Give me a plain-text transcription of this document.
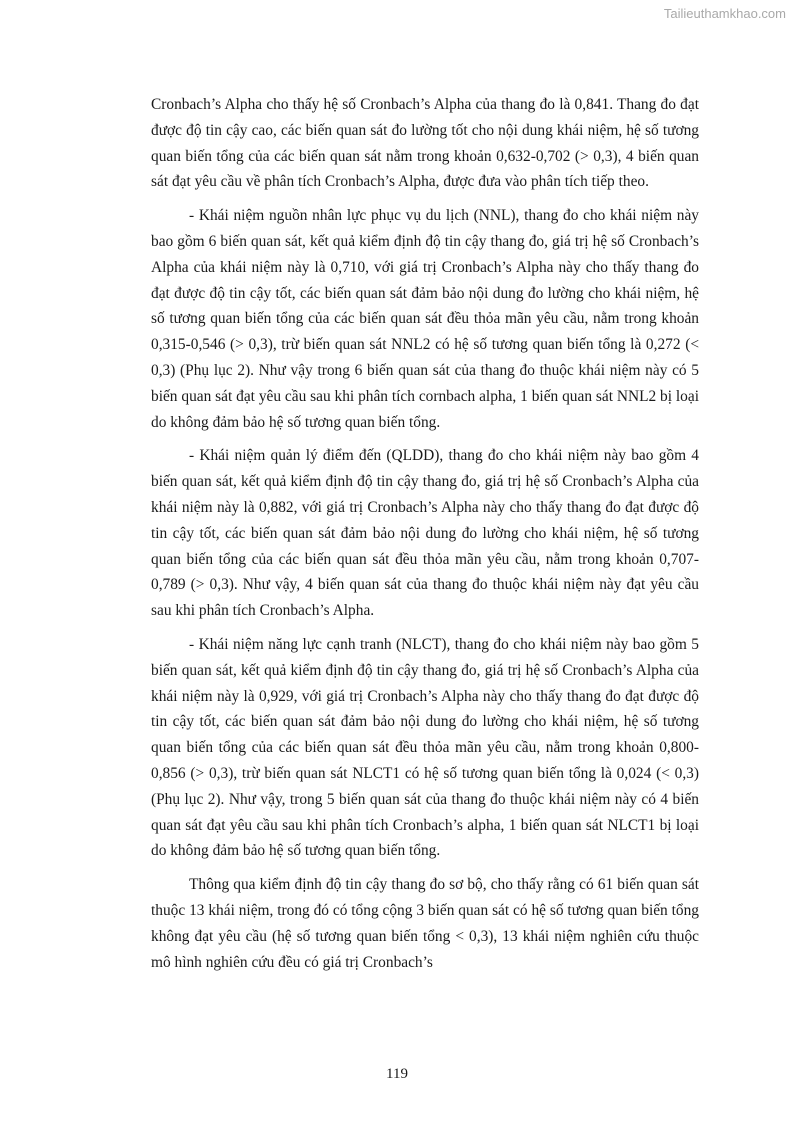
Tailieuthamkhao.com

Cronbach’s Alpha cho thấy hệ số Cronbach’s Alpha của thang đo là 0,841. Thang đo đạt được độ tin cậy cao, các biến quan sát đo lường tốt cho nội dung khái niệm, hệ số tương quan biến tổng của các biến quan sát nằm trong khoản 0,632-0,702 (> 0,3), 4 biến quan sát đạt yêu cầu về phân tích Cronbach’s Alpha, được đưa vào phân tích tiếp theo.

- Khái niệm nguồn nhân lực phục vụ du lịch (NNL), thang đo cho khái niệm này bao gồm 6 biến quan sát, kết quả kiểm định độ tin cậy thang đo, giá trị hệ số Cronbach’s Alpha của khái niệm này là 0,710, với giá trị Cronbach’s Alpha này cho thấy thang đo đạt được độ tin cậy tốt, các biến quan sát đảm bảo nội dung đo lường cho khái niệm, hệ số tương quan biến tổng của các biến quan sát đều thỏa mãn yêu cầu, nằm trong khoản 0,315-0,546 (> 0,3), trừ biến quan sát NNL2 có hệ số tương quan biến tổng là 0,272 (< 0,3) (Phụ lục 2). Như vậy trong 6 biến quan sát của thang đo thuộc khái niệm này có 5 biến quan sát đạt yêu cầu sau khi phân tích cornbach alpha, 1 biến quan sát NNL2 bị loại do không đảm bảo hệ số tương quan biến tổng.

- Khái niệm quản lý điểm đến (QLDD), thang đo cho khái niệm này bao gồm 4 biến quan sát, kết quả kiểm định độ tin cậy thang đo, giá trị hệ số Cronbach’s Alpha của khái niệm này là 0,882, với giá trị Cronbach’s Alpha này cho thấy thang đo đạt được độ tin cậy tốt, các biến quan sát đảm bảo nội dung đo lường cho khái niệm, hệ số tương quan biến tổng của các biến quan sát đều thỏa mãn yêu cầu, nằm trong khoản 0,707-0,789 (> 0,3). Như vậy, 4 biến quan sát của thang đo thuộc khái niệm này đạt yêu cầu sau khi phân tích Cronbach’s Alpha.

- Khái niệm năng lực cạnh tranh (NLCT), thang đo cho khái niệm này bao gồm 5 biến quan sát, kết quả kiểm định độ tin cậy thang đo, giá trị hệ số Cronbach’s Alpha của khái niệm này là 0,929, với giá trị Cronbach’s Alpha này cho thấy thang đo đạt được độ tin cậy tốt, các biến quan sát đảm bảo nội dung đo lường cho khái niệm, hệ số tương quan biến tổng của các biến quan sát đều thỏa mãn yêu cầu, nằm trong khoản 0,800-0,856 (> 0,3), trừ biến quan sát NLCT1 có hệ số tương quan biến tổng là 0,024 (< 0,3) (Phụ lục 2). Như vậy, trong 5 biến quan sát của thang đo thuộc khái niệm này có 4 biến quan sát đạt yêu cầu sau khi phân tích Cronbach’s alpha, 1 biến quan sát NLCT1 bị loại do không đảm bảo hệ số tương quan biến tổng.

Thông qua kiểm định độ tin cậy thang đo sơ bộ, cho thấy rằng có 61 biến quan sát thuộc 13 khái niệm, trong đó có tổng cộng 3 biến quan sát có hệ số tương quan biến tổng không đạt yêu cầu (hệ số tương quan biến tổng < 0,3), 13 khái niệm nghiên cứu thuộc mô hình nghiên cứu đều có giá trị Cronbach’s

119
